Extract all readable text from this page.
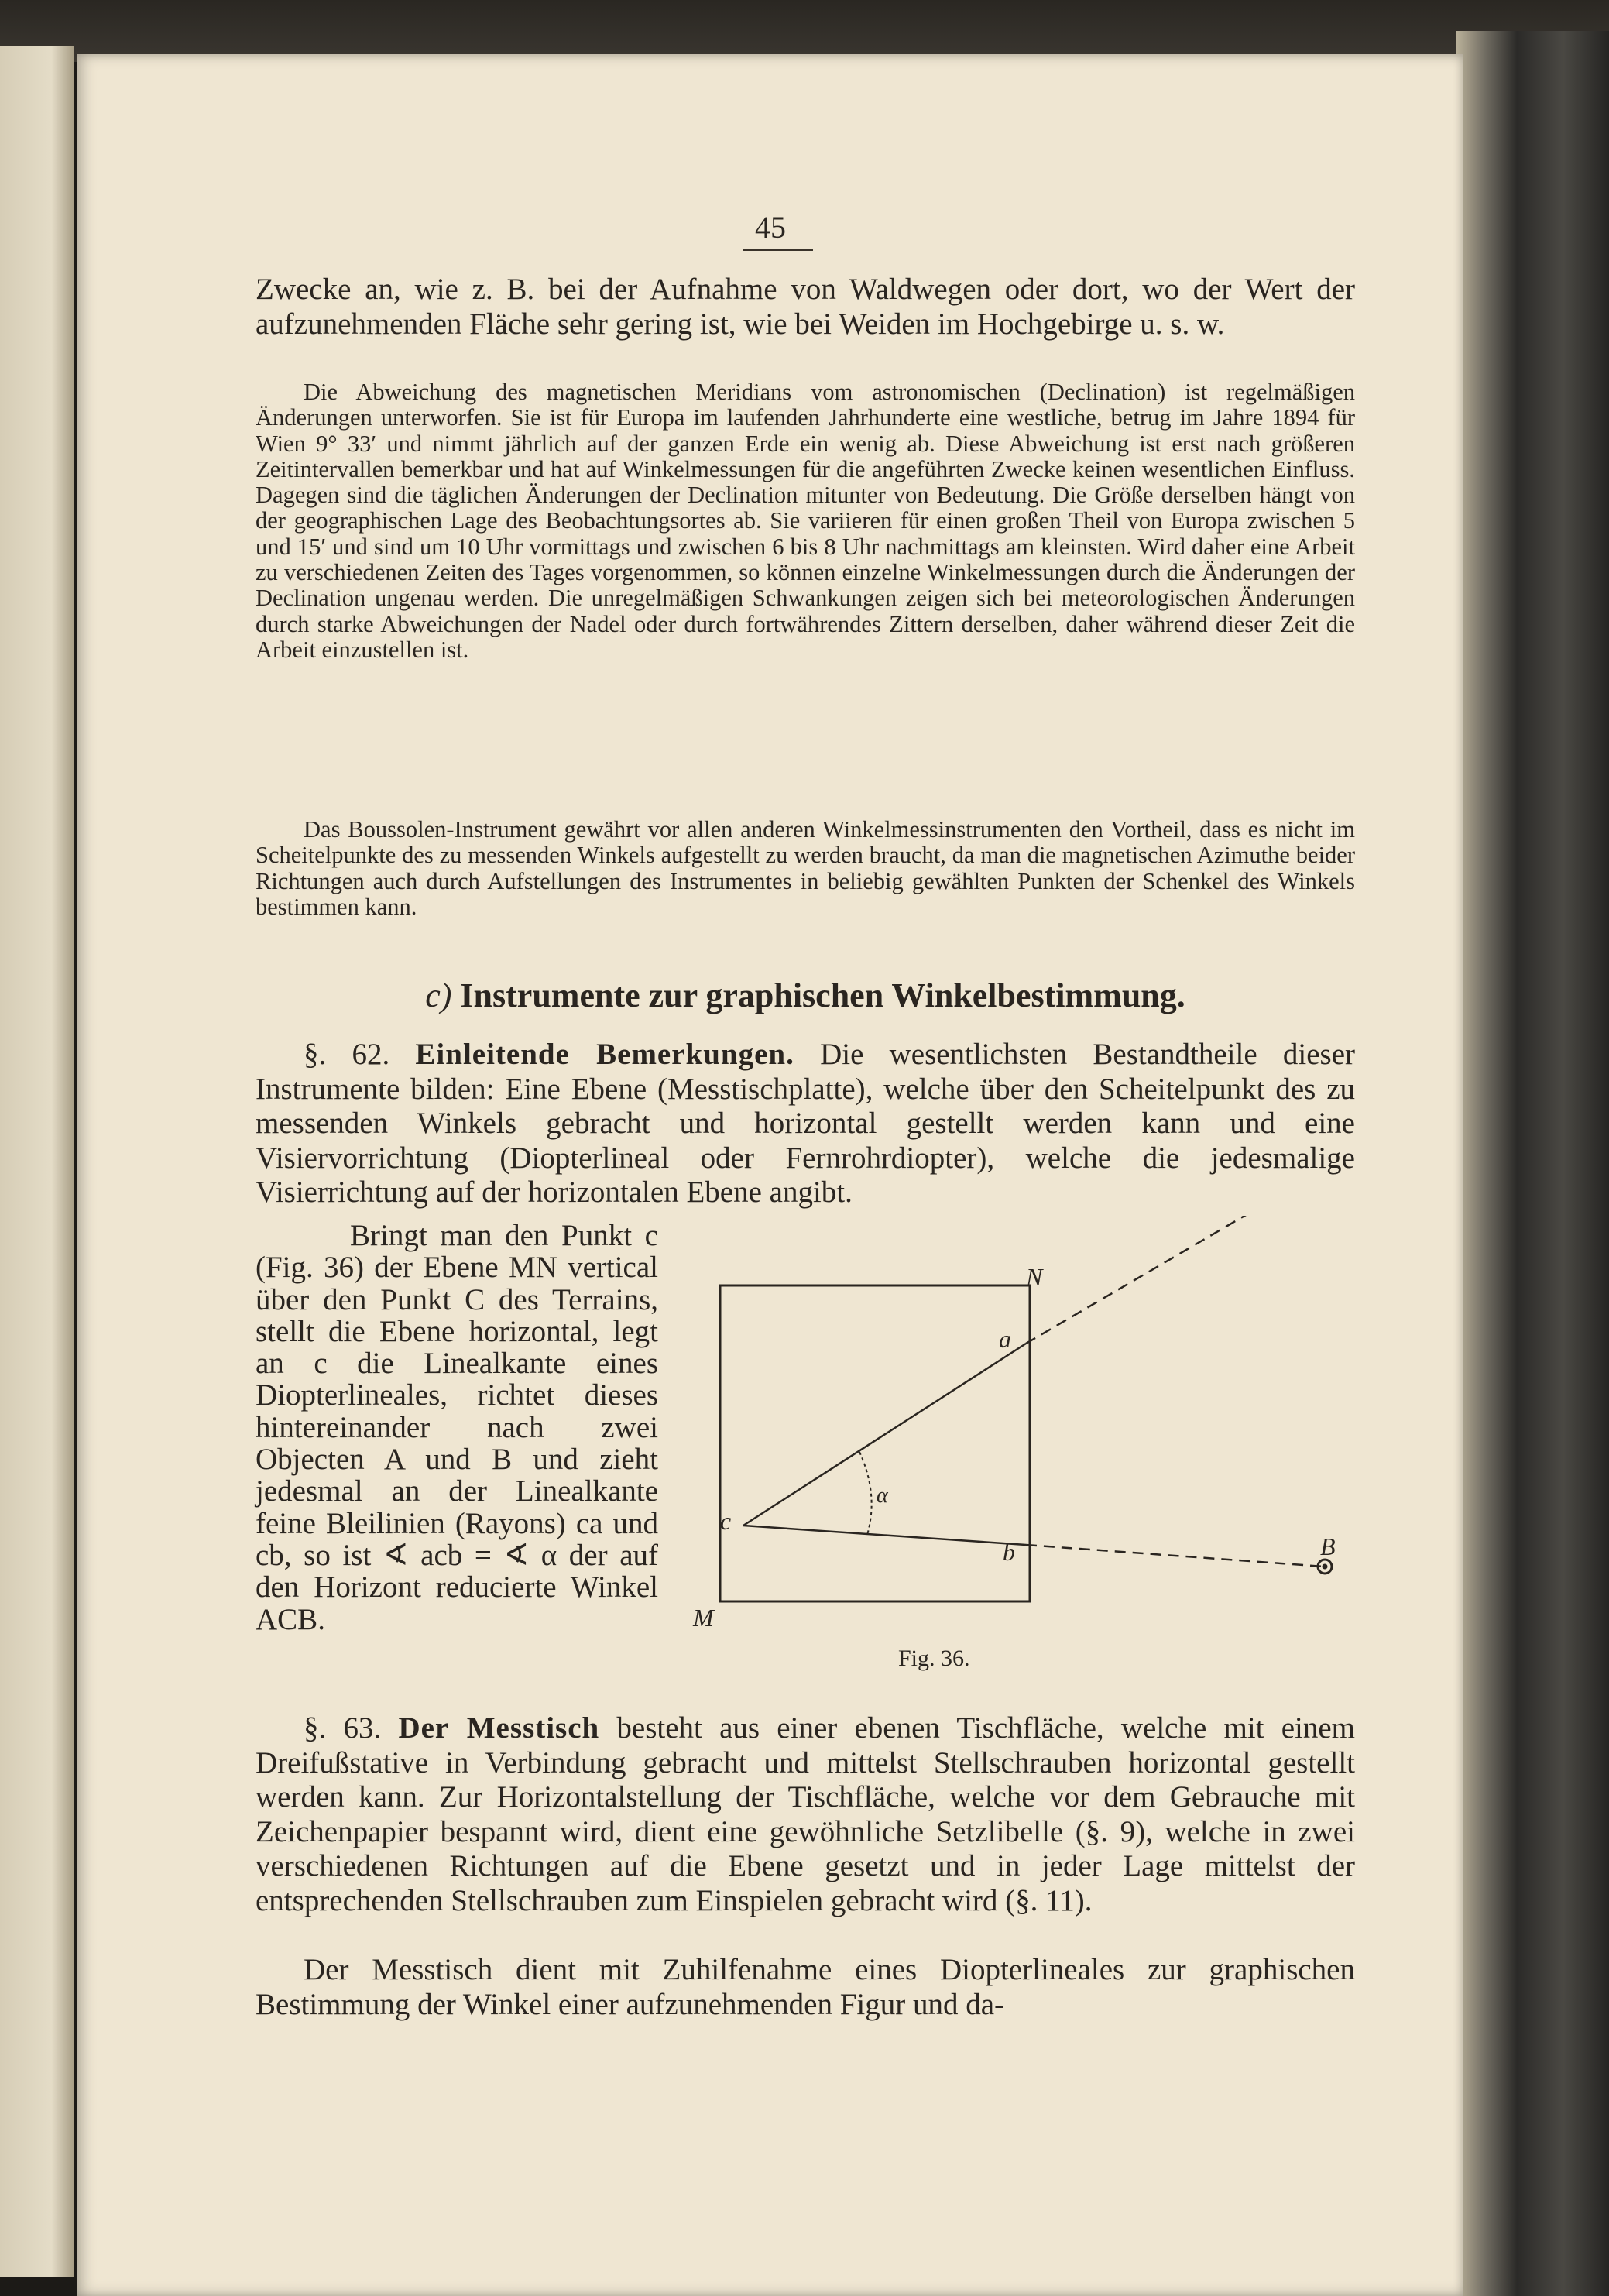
45

Zwecke an, wie z. B. bei der Aufnahme von Waldwegen oder dort, wo der Wert der aufzunehmenden Fläche sehr gering ist, wie bei Weiden im Hochgebirge u. s. w.

Die Abweichung des magnetischen Meridians vom astronomischen (Declination) ist regelmäßigen Änderungen unterworfen. Sie ist für Europa im laufenden Jahrhunderte eine westliche, betrug im Jahre 1894 für Wien 9° 33′ und nimmt jährlich auf der ganzen Erde ein wenig ab. Diese Abweichung ist erst nach größeren Zeitintervallen bemerkbar und hat auf Winkelmessungen für die angeführten Zwecke keinen wesentlichen Einfluss. Dagegen sind die täglichen Änderungen der Declination mitunter von Bedeutung. Die Größe derselben hängt von der geographischen Lage des Beobachtungsortes ab. Sie variieren für einen großen Theil von Europa zwischen 5 und 15′ und sind um 10 Uhr vormittags und zwischen 6 bis 8 Uhr nachmittags am kleinsten. Wird daher eine Arbeit zu verschiedenen Zeiten des Tages vorgenommen, so können einzelne Winkelmessungen durch die Änderungen der Declination ungenau werden. Die unregelmäßigen Schwankungen zeigen sich bei meteorologischen Änderungen durch starke Abweichungen der Nadel oder durch fortwährendes Zittern derselben, daher während dieser Zeit die Arbeit einzustellen ist.

Das Boussolen-Instrument gewährt vor allen anderen Winkelmessinstrumenten den Vortheil, dass es nicht im Scheitelpunkte des zu messenden Winkels aufgestellt zu werden braucht, da man die magnetischen Azimuthe beider Richtungen auch durch Aufstellungen des Instrumentes in beliebig gewählten Punkten der Schenkel des Winkels bestimmen kann.

c) Instrumente zur graphischen Winkelbestimmung.

§. 62. Einleitende Bemerkungen. Die wesentlichsten Bestandtheile dieser Instrumente bilden: Eine Ebene (Messtischplatte), welche über den Scheitelpunkt des zu messenden Winkels gebracht und horizontal gestellt werden kann und eine Visiervorrichtung (Diopterlineal oder Fernrohrdiopter), welche die jedesmalige Visierrichtung auf der horizontalen Ebene angibt.

Bringt man den Punkt c (Fig. 36) der Ebene MN vertical über den Punkt C des Terrains, stellt die Ebene horizontal, legt an c die Linealkante eines Diopterlineales, richtet dieses hintereinander nach zwei Objecten A und B und zieht jedesmal an der Linealkante feine Bleilinien (Rayons) ca und cb, so ist ∢ acb = ∢ α der auf den Horizont reducierte Winkel ACB.

N
M
a
b
c
α
B
Fig. 36.

§. 63. Der Messtisch besteht aus einer ebenen Tischfläche, welche mit einem Dreifußstative in Verbindung gebracht und mittelst Stellschrauben horizontal gestellt werden kann. Zur Horizontalstellung der Tischfläche, welche vor dem Gebrauche mit Zeichenpapier bespannt wird, dient eine gewöhnliche Setzlibelle (§. 9), welche in zwei verschiedenen Richtungen auf die Ebene gesetzt und in jeder Lage mittelst der entsprechenden Stellschrauben zum Einspielen gebracht wird (§. 11).

Der Messtisch dient mit Zuhilfenahme eines Diopterlineales zur graphischen Bestimmung der Winkel einer aufzunehmenden Figur und da-
